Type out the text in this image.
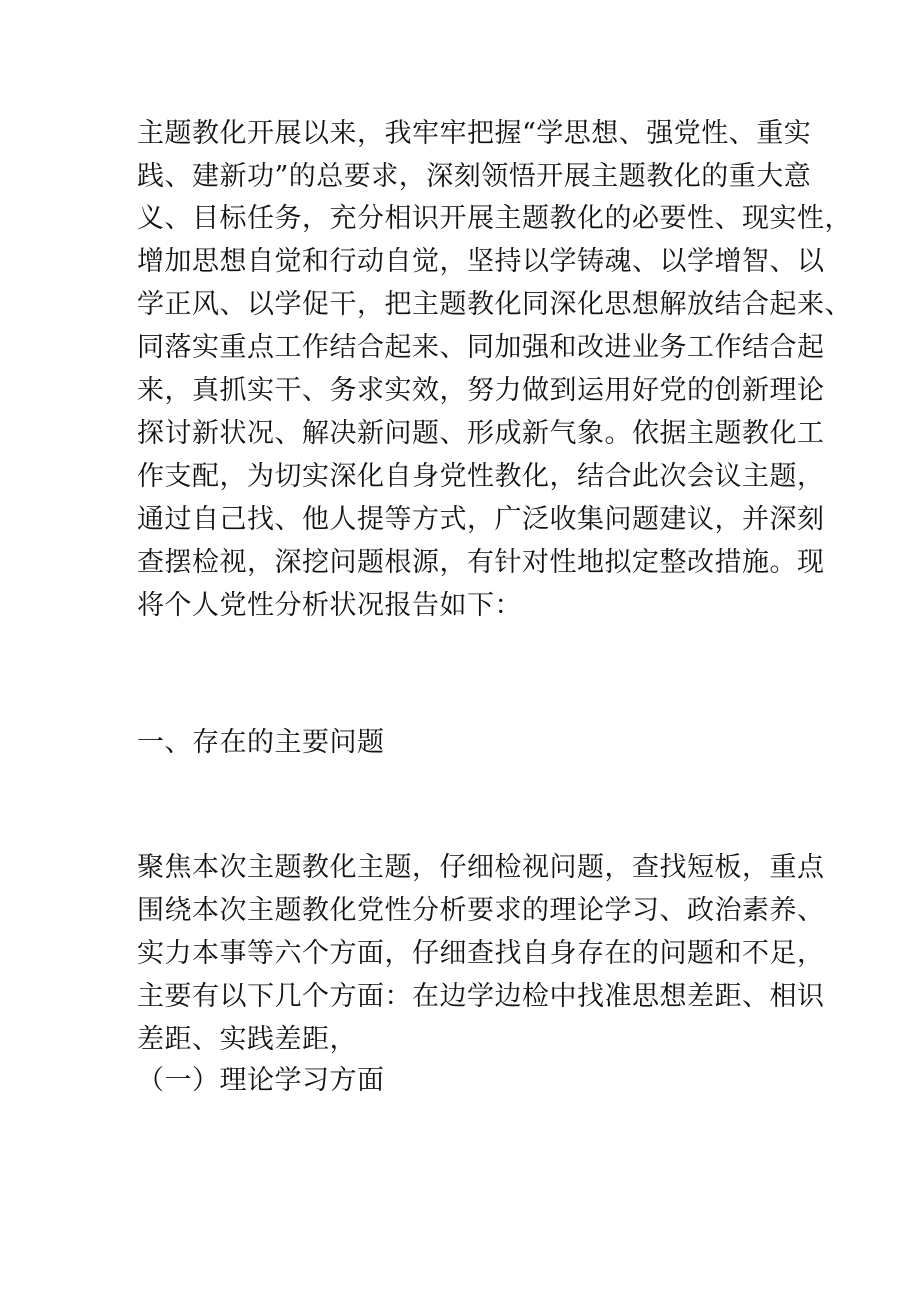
主题教化开展以来，我牢牢把握“学思想、强党性、重实
践、建新功”的总要求，深刻领悟开展主题教化的重大意
义、目标任务，充分相识开展主题教化的必要性、现实性，
增加思想自觉和行动自觉，坚持以学铸魂、以学增智、以
学正风、以学促干，把主题教化同深化思想解放结合起来、
同落实重点工作结合起来、同加强和改进业务工作结合起
来，真抓实干、务求实效，努力做到运用好党的创新理论
探讨新状况、解决新问题、形成新气象。依据主题教化工
作支配，为切实深化自身党性教化，结合此次会议主题，
通过自己找、他人提等方式，广泛收集问题建议，并深刻
查摆检视，深挖问题根源，有针对性地拟定整改措施。现
将个人党性分析状况报告如下：
一、存在的主要问题
聚焦本次主题教化主题，仔细检视问题，查找短板，重点
围绕本次主题教化党性分析要求的理论学习、政治素养、
实力本事等六个方面，仔细查找自身存在的问题和不足，
主要有以下几个方面：在边学边检中找准思想差距、相识
差距、实践差距，
（一）理论学习方面
